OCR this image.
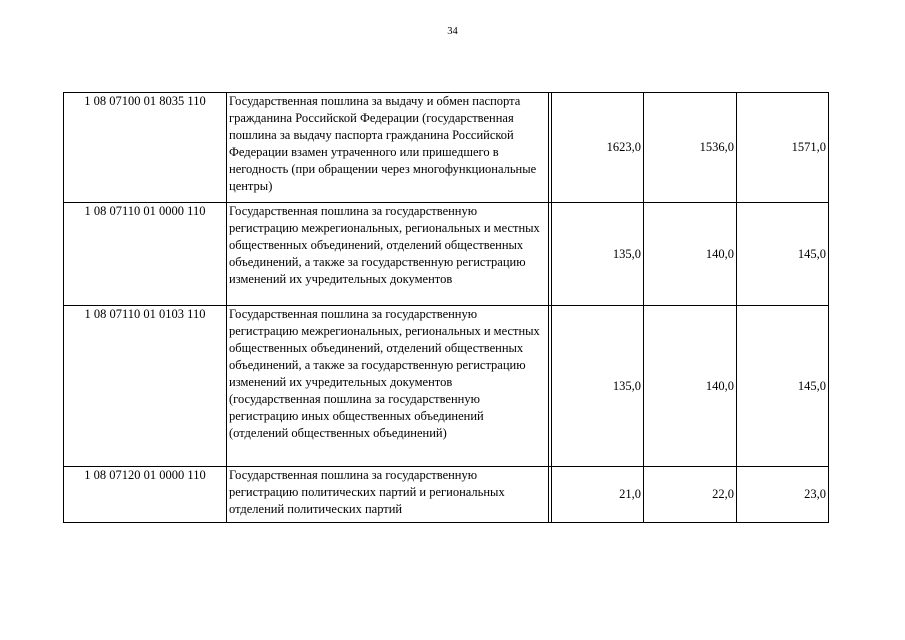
34
1 08 07100 01 8035 110	Государственная пошлина за выдачу и обмен паспорта гражданина Российской Федерации (государственная пошлина за выдачу паспорта гражданина Российской Федерации взамен утраченного или пришедшего в негодность (при обращении через многофункциональные центры)		1623,0	1536,0	1571,0
1 08 07110 01 0000 110	Государственная пошлина за государственную регистрацию межрегиональных, региональных и местных общественных объединений, отделений общественных объединений, а также за государственную регистрацию изменений их учредительных документов		135,0	140,0	145,0
1 08 07110 01 0103 110	Государственная пошлина за государственную регистрацию межрегиональных, региональных и местных общественных объединений, отделений общественных объединений, а также за государственную регистрацию изменений их учредительных документов (государственная пошлина за государственную регистрацию иных общественных объединений (отделений общественных объединений)		135,0	140,0	145,0
1 08 07120 01 0000 110	Государственная пошлина за государственную регистрацию политических партий и региональных отделений политических партий		21,0	22,0	23,0
